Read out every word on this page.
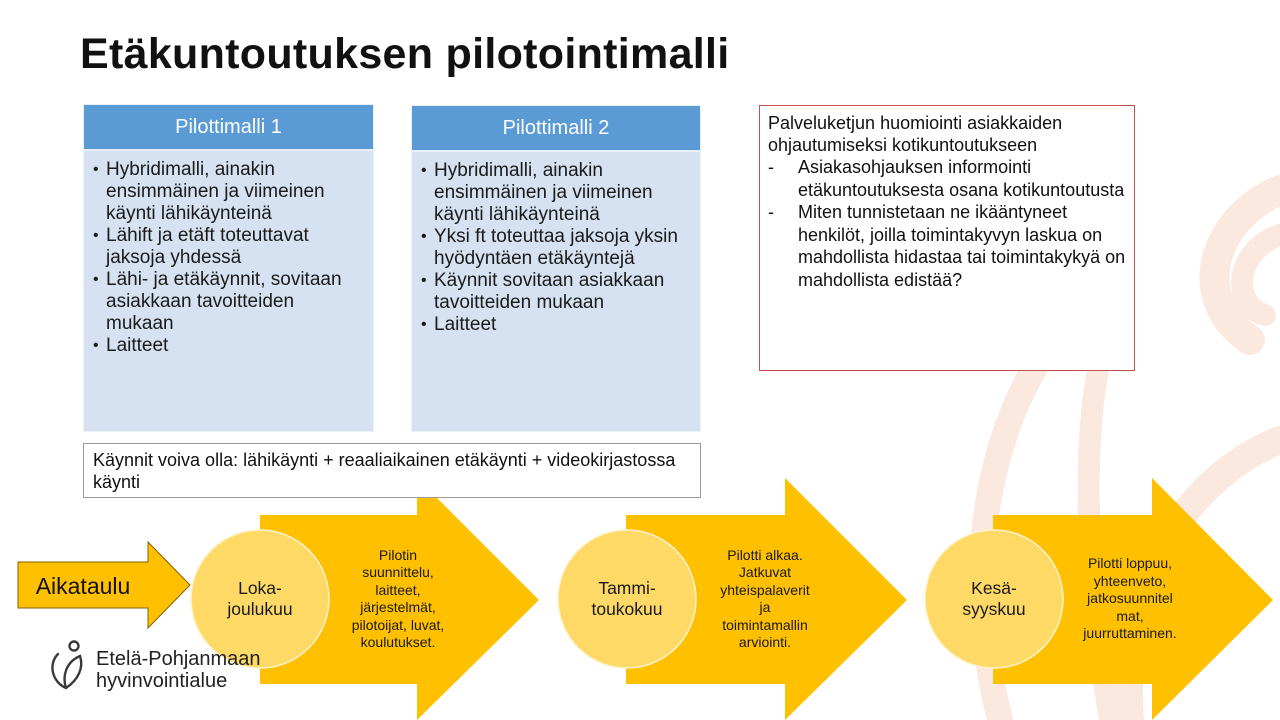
Etäkuntoutuksen pilotointimalli
Pilottimalli 1
• Hybridimalli, ainakin ensimmäinen ja viimeinen käynti lähikäynteinä
• Lähift ja etäft toteuttavat jaksoja yhdessä
• Lähi- ja etäkäynnit, sovitaan asiakkaan tavoitteiden mukaan
• Laitteet
Pilottimalli 2
• Hybridimalli, ainakin ensimmäinen ja viimeinen käynti lähikäynteinä
• Yksi ft toteuttaa jaksoja yksin hyödyntäen etäkäyntejä
• Käynnit sovitaan asiakkaan tavoitteiden mukaan
• Laitteet
Palveluketjun huomiointi asiakkaiden ohjautumiseksi kotikuntoutukseen
- Asiakasohjauksen informointi etäkuntoutuksesta osana kotikuntoutusta
- Miten tunnistetaan ne ikääntyneet henkilöt, joilla toimintakyvyn laskua on mahdollista hidastaa tai toimintakykyä on mahdollista edistää?
Käynnit voiva olla: lähikäynti + reaaliaikainen etäkäynti + videokirjastossa käynti
Aikataulu	Loka-
joulukuu
Tammi-
toukokuu
Kesä-
syyskuu
Pilotin
suunnittelu,
laitteet,
järjestelmät,
pilotoijat, luvat,
koulutukset.
Pilotti alkaa.
Jatkuvat
yhteispalaverit
ja
toimintamallin
arviointi.
Pilotti loppuu,
yhteenveto,
jatkosuunnitel
mat,
juurruttaminen.
Etelä-Pohjanmaan
hyvinvointialue
